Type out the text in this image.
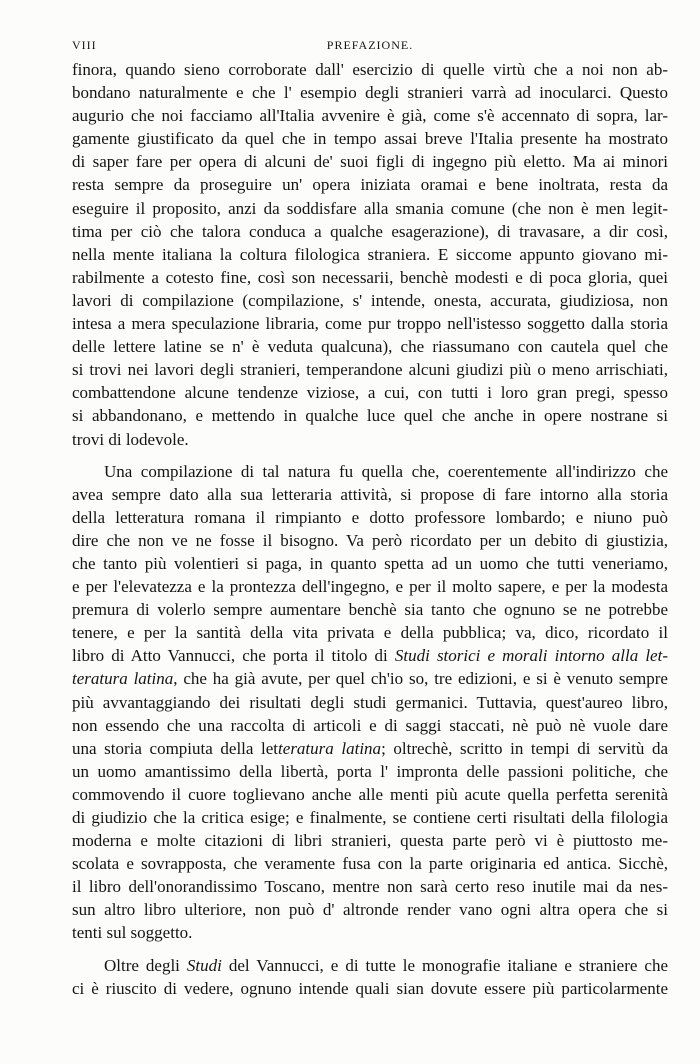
VIII	PREFAZIONE.

finora, quando sieno corroborate dall' esercizio di quelle virtù che a noi non ab-
bondano naturalmente e che l' esempio degli stranieri varrà ad inocularci. Questo
augurio che noi facciamo all'Italia avvenire è già, come s'è accennato di sopra, lar-
gamente giustificato da quel che in tempo assai breve l'Italia presente ha mostrato
di saper fare per opera di alcuni de' suoi figli di ingegno più eletto. Ma ai minori
resta sempre da proseguire un' opera iniziata oramai e bene inoltrata, resta da
eseguire il proposito, anzi da soddisfare alla smania comune (che non è men legit-
tima per ciò che talora conduca a qualche esagerazione), di travasare, a dir così,
nella mente italiana la coltura filologica straniera. E siccome appunto giovano mi-
rabilmente a cotesto fine, così son necessarii, benchè modesti e di poca gloria, quei
lavori di compilazione (compilazione, s' intende, onesta, accurata, giudiziosa, non
intesa a mera speculazione libraria, come pur troppo nell'istesso soggetto dalla storia
delle lettere latine se n' è veduta qualcuna), che riassumano con cautela quel che
si trovi nei lavori degli stranieri, temperandone alcuni giudizi più o meno arrischiati,
combattendone alcune tendenze viziose, a cui, con tutti i loro gran pregi, spesso
si abbandonano, e mettendo in qualche luce quel che anche in opere nostrane si
trovi di lodevole.

Una compilazione di tal natura fu quella che, coerentemente all'indirizzo che
avea sempre dato alla sua letteraria attività, si propose di fare intorno alla storia
della letteratura romana il rimpianto e dotto professore lombardo; e niuno può
dire che non ve ne fosse il bisogno. Va però ricordato per un debito di giustizia,
che tanto più volentieri si paga, in quanto spetta ad un uomo che tutti veneriamo,
e per l'elevatezza e la prontezza dell'ingegno, e per il molto sapere, e per la modesta
premura di volerlo sempre aumentare benchè sia tanto che ognuno se ne potrebbe
tenere, e per la santità della vita privata e della pubblica; va, dico, ricordato il
libro di Atto Vannucci, che porta il titolo di Studi storici e morali intorno alla let-
teratura latina, che ha già avute, per quel ch'io so, tre edizioni, e si è venuto sempre
più avvantaggiando dei risultati degli studi germanici. Tuttavia, quest'aureo libro,
non essendo che una raccolta di articoli e di saggi staccati, nè può nè vuole dare
una storia compiuta della letteratura latina; oltrechè, scritto in tempi di servitù da
un uomo amantissimo della libertà, porta l' impronta delle passioni politiche, che
commovendo il cuore toglievano anche alle menti più acute quella perfetta serenità
di giudizio che la critica esige; e finalmente, se contiene certi risultati della filologia
moderna e molte citazioni di libri stranieri, questa parte però vi è piuttosto me-
scolata e sovrapposta, che veramente fusa con la parte originaria ed antica. Sicchè,
il libro dell'onorandissimo Toscano, mentre non sarà certo reso inutile mai da nes-
sun altro libro ulteriore, non può d' altronde render vano ogni altra opera che si
tenti sul soggetto.

Oltre degli Studi del Vannucci, e di tutte le monografie italiane e straniere che
ci è riuscito di vedere, ognuno intende quali sian dovute essere più particolarmente
